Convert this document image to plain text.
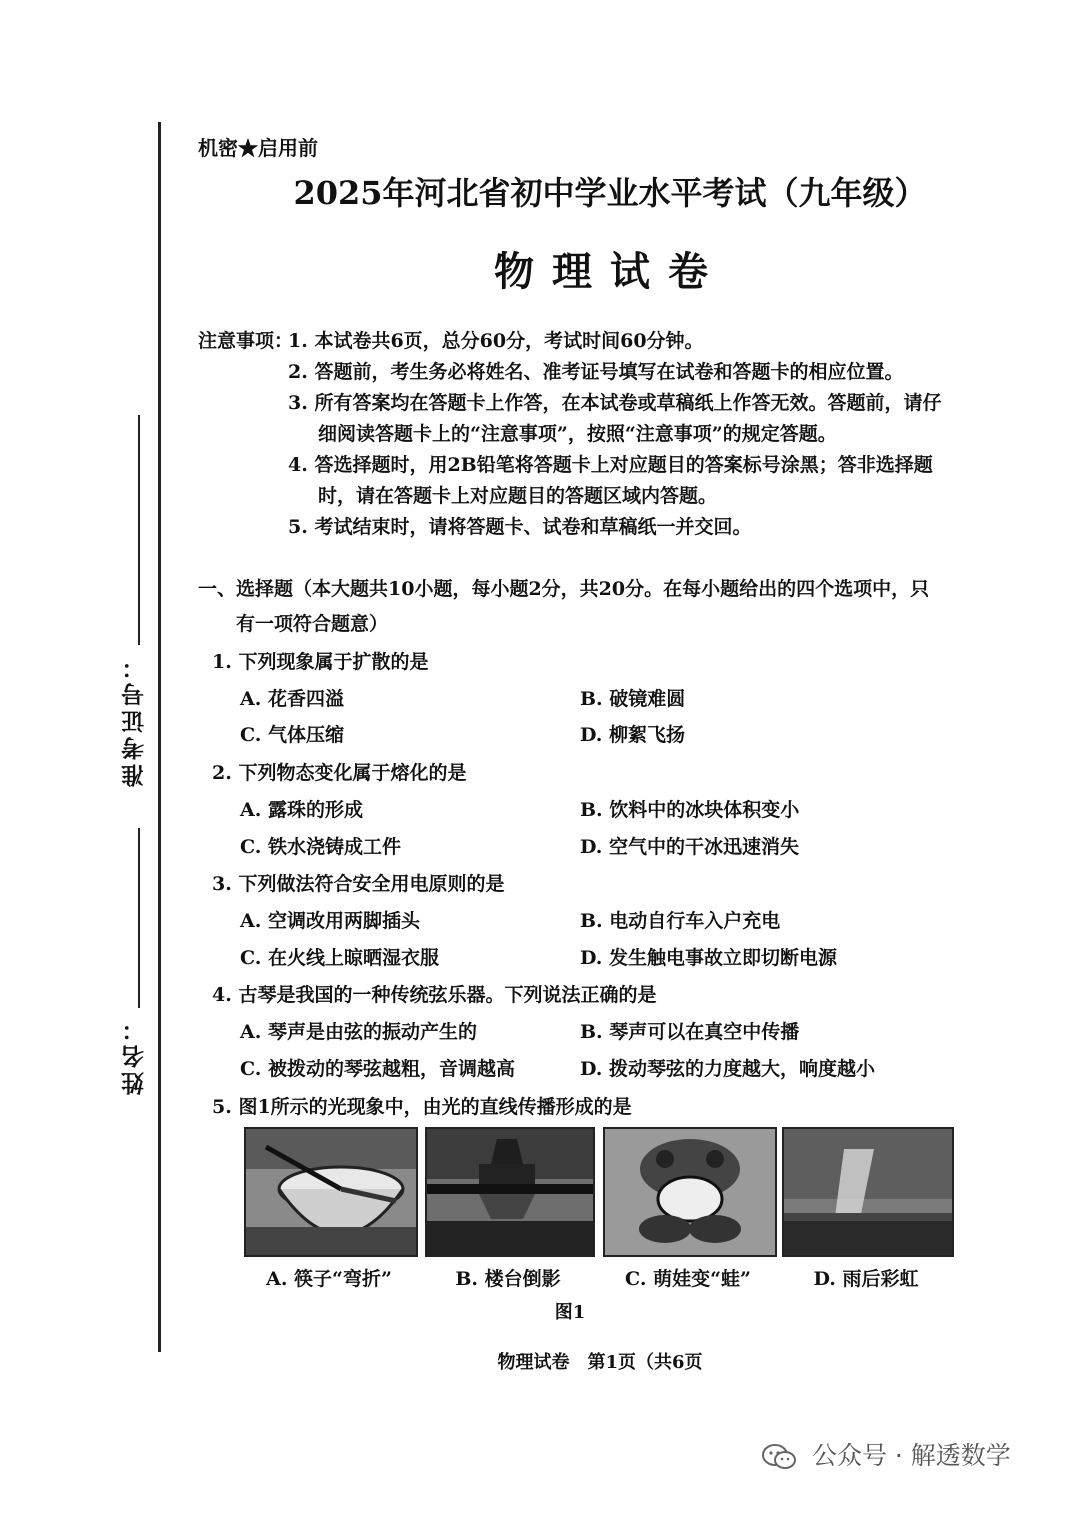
准考证号：
姓名：
机密★启用前
2025年河北省初中学业水平考试（九年级）
物理试卷
注意事项：
1. 本试卷共6页，总分60分，考试时间60分钟。
2. 答题前，考生务必将姓名、准考证号填写在试卷和答题卡的相应位置。
3. 所有答案均在答题卡上作答，在本试卷或草稿纸上作答无效。答题前，请仔
细阅读答题卡上的“注意事项”，按照“注意事项”的规定答题。
4. 答选择题时，用2B铅笔将答题卡上对应题目的答案标号涂黑；答非选择题
时，请在答题卡上对应题目的答题区域内答题。
5. 考试结束时，请将答题卡、试卷和草稿纸一并交回。
一、选择题（本大题共10小题，每小题2分，共20分。在每小题给出的四个选项中，只
有一项符合题意）
1. 下列现象属于扩散的是
A. 花香四溢	B. 破镜难圆
C. 气体压缩	D. 柳絮飞扬
2. 下列物态变化属于熔化的是
A. 露珠的形成	B. 饮料中的冰块体积变小
C. 铁水浇铸成工件	D. 空气中的干冰迅速消失
3. 下列做法符合安全用电原则的是
A. 空调改用两脚插头	B. 电动自行车入户充电
C. 在火线上晾晒湿衣服	D. 发生触电事故立即切断电源
4. 古琴是我国的一种传统弦乐器。下列说法正确的是
A. 琴声是由弦的振动产生的	B. 琴声可以在真空中传播
C. 被拨动的琴弦越粗，音调越高	D. 拨动琴弦的力度越大，响度越小
5. 图1所示的光现象中，由光的直线传播形成的是
A. 筷子“弯折”	B. 楼台倒影	C. 萌娃变“蛙”	D. 雨后彩虹
图1
物理试卷　第1页（共6页
公众号 · 解透数学
